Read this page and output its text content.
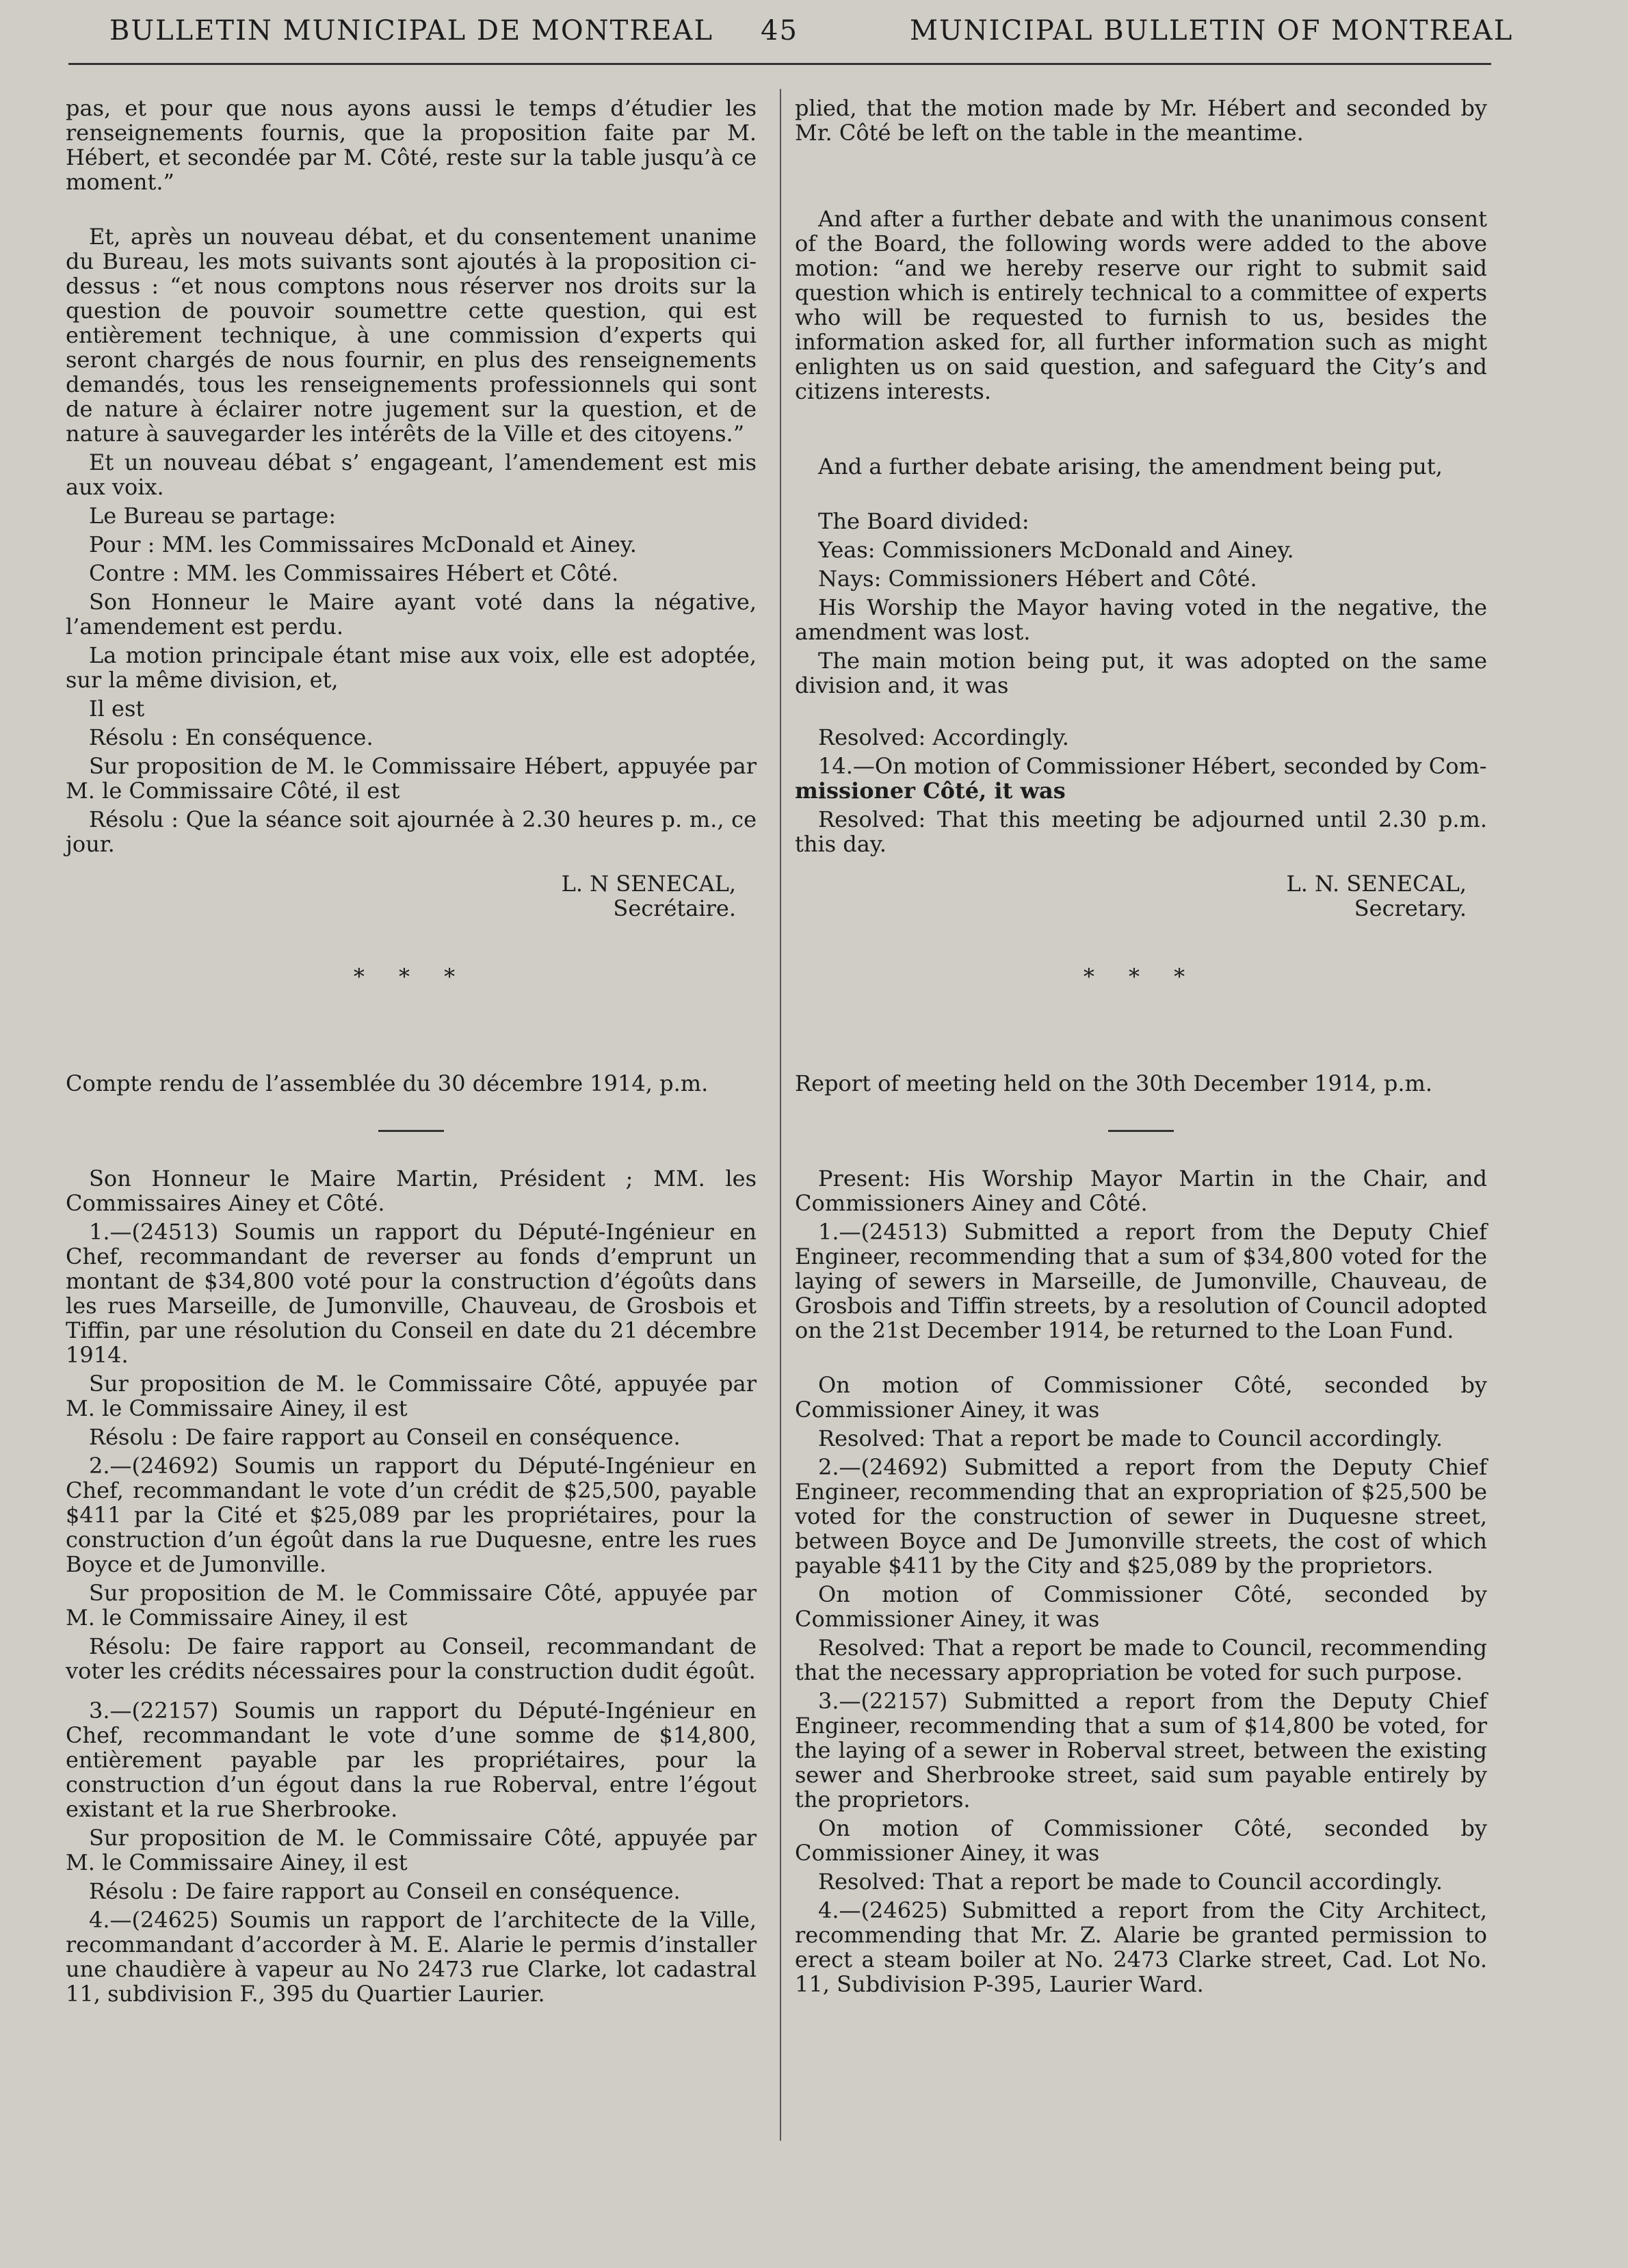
BULLETIN MUNICIPAL DE MONTREAL 45	MUNICIPAL BULLETIN OF MONTREAL

pas, et pour que nous ayons aussi le temps d’étudier les renseignements fournis, que la proposition faite par M. Hébert, et secondée par M. Côté, reste sur la table jusqu’à ce moment.”

Et, après un nouveau débat, et du consentement unanime du Bureau, les mots suivants sont ajoutés à la proposition ci-dessus : “et nous comptons nous réserver nos droits sur la question de pouvoir soumettre cette question, qui est entièrement technique, à une commission d’experts qui seront chargés de nous fournir, en plus des renseignements demandés, tous les renseignements professionnels qui sont de nature à éclairer notre jugement sur la question, et de nature à sauvegarder les intérêts de la Ville et des citoyens.”

Et un nouveau débat s’ engageant, l’amendement est mis aux voix.

Le Bureau se partage:

Pour : MM. les Commissaires McDonald et Ainey.

Contre : MM. les Commissaires Hébert et Côté.

Son Honneur le Maire ayant voté dans la négative, l’amendement est perdu.

La motion principale étant mise aux voix, elle est adoptée, sur la même division, et,

Il est

Résolu : En conséquence.

Sur proposition de M. le Commissaire Hébert, appuyée par M. le Commissaire Côté, il est

Résolu : Que la séance soit ajournée à 2.30 heures p. m., ce jour.

L. N SENECAL,
Secrétaire.
* * *

Compte rendu de l’assemblée du 30 décembre 1914, p.m.

Son Honneur le Maire Martin, Président ; MM. les Commissaires Ainey et Côté.

1.—(24513) Soumis un rapport du Député-Ingénieur en Chef, recommandant de reverser au fonds d’emprunt un montant de $34,800 voté pour la construction d’égoûts dans les rues Marseille, de Jumonville, Chauveau, de Grosbois et Tiffin, par une résolution du Conseil en date du 21 décembre 1914.

Sur proposition de M. le Commissaire Côté, appuyée par M. le Commissaire Ainey, il est

Résolu : De faire rapport au Conseil en conséquence.

2.—(24692) Soumis un rapport du Député-Ingénieur en Chef, recommandant le vote d’un crédit de $25,500, payable $411 par la Cité et $25,089 par les propriétaires, pour la construction d’un égoût dans la rue Duquesne, entre les rues Boyce et de Jumonville.

Sur proposition de M. le Commissaire Côté, appuyée par M. le Commissaire Ainey, il est

Résolu: De faire rapport au Conseil, recommandant de voter les crédits nécessaires pour la construction dudit égoût.

3.—(22157) Soumis un rapport du Député-Ingénieur en Chef, recommandant le vote d’une somme de $14,800, entièrement payable par les propriétaires, pour la construction d’un égout dans la rue Roberval, entre l’égout existant et la rue Sherbrooke.

Sur proposition de M. le Commissaire Côté, appuyée par M. le Commissaire Ainey, il est

Résolu : De faire rapport au Conseil en conséquence.

4.—(24625) Soumis un rapport de l’architecte de la Ville, recommandant d’accorder à M. E. Alarie le permis d’installer une chaudière à vapeur au No 2473 rue Clarke, lot cadastral 11, subdivision F., 395 du Quartier Laurier.

plied, that the motion made by Mr. Hébert and seconded by Mr. Côté be left on the table in the meantime.

And after a further debate and with the unanimous consent of the Board, the following words were added to the above motion: “and we hereby reserve our right to submit said question which is entirely technical to a committee of experts who will be requested to furnish to us, besides the information asked for, all further information such as might enlighten us on said question, and safeguard the City’s and citizens interests.

And a further debate arising, the amendment being put,

The Board divided:

Yeas: Commissioners McDonald and Ainey.

Nays: Commissioners Hébert and Côté.

His Worship the Mayor having voted in the negative, the amendment was lost.

The main motion being put, it was adopted on the same division and, it was

Resolved: Accordingly.

14.—On motion of Commissioner Hébert, seconded by Com-

missioner Côté, it was

Resolved: That this meeting be adjourned until 2.30 p.m. this day.

L. N. SENECAL,
Secretary.
* * *

Report of meeting held on the 30th December 1914, p.m.

Present: His Worship Mayor Martin in the Chair, and Commissioners Ainey and Côté.

1.—(24513) Submitted a report from the Deputy Chief Engineer, recommending that a sum of $34,800 voted for the laying of sewers in Marseille, de Jumonville, Chauveau, de Grosbois and Tiffin streets, by a resolution of Council adopted on the 21st December 1914, be returned to the Loan Fund.

On motion of Commissioner Côté, seconded by Commissioner Ainey, it was

Resolved: That a report be made to Council accordingly.

2.—(24692) Submitted a report from the Deputy Chief Engineer, recommending that an expropriation of $25,500 be voted for the construction of sewer in Duquesne street, between Boyce and De Jumonville streets, the cost of which payable $411 by the City and $25,089 by the proprietors.

On motion of Commissioner Côté, seconded by Commissioner Ainey, it was

Resolved: That a report be made to Council, recommending that the necessary appropriation be voted for such purpose.

3.—(22157) Submitted a report from the Deputy Chief Engineer, recommending that a sum of $14,800 be voted, for the laying of a sewer in Roberval street, between the existing sewer and Sherbrooke street, said sum payable entirely by the proprietors.

On motion of Commissioner Côté, seconded by Commissioner Ainey, it was

Resolved: That a report be made to Council accordingly.

4.—(24625) Submitted a report from the City Architect, recommending that Mr. Z. Alarie be granted permission to erect a steam boiler at No. 2473 Clarke street, Cad. Lot No. 11, Subdivision P-395, Laurier Ward.
